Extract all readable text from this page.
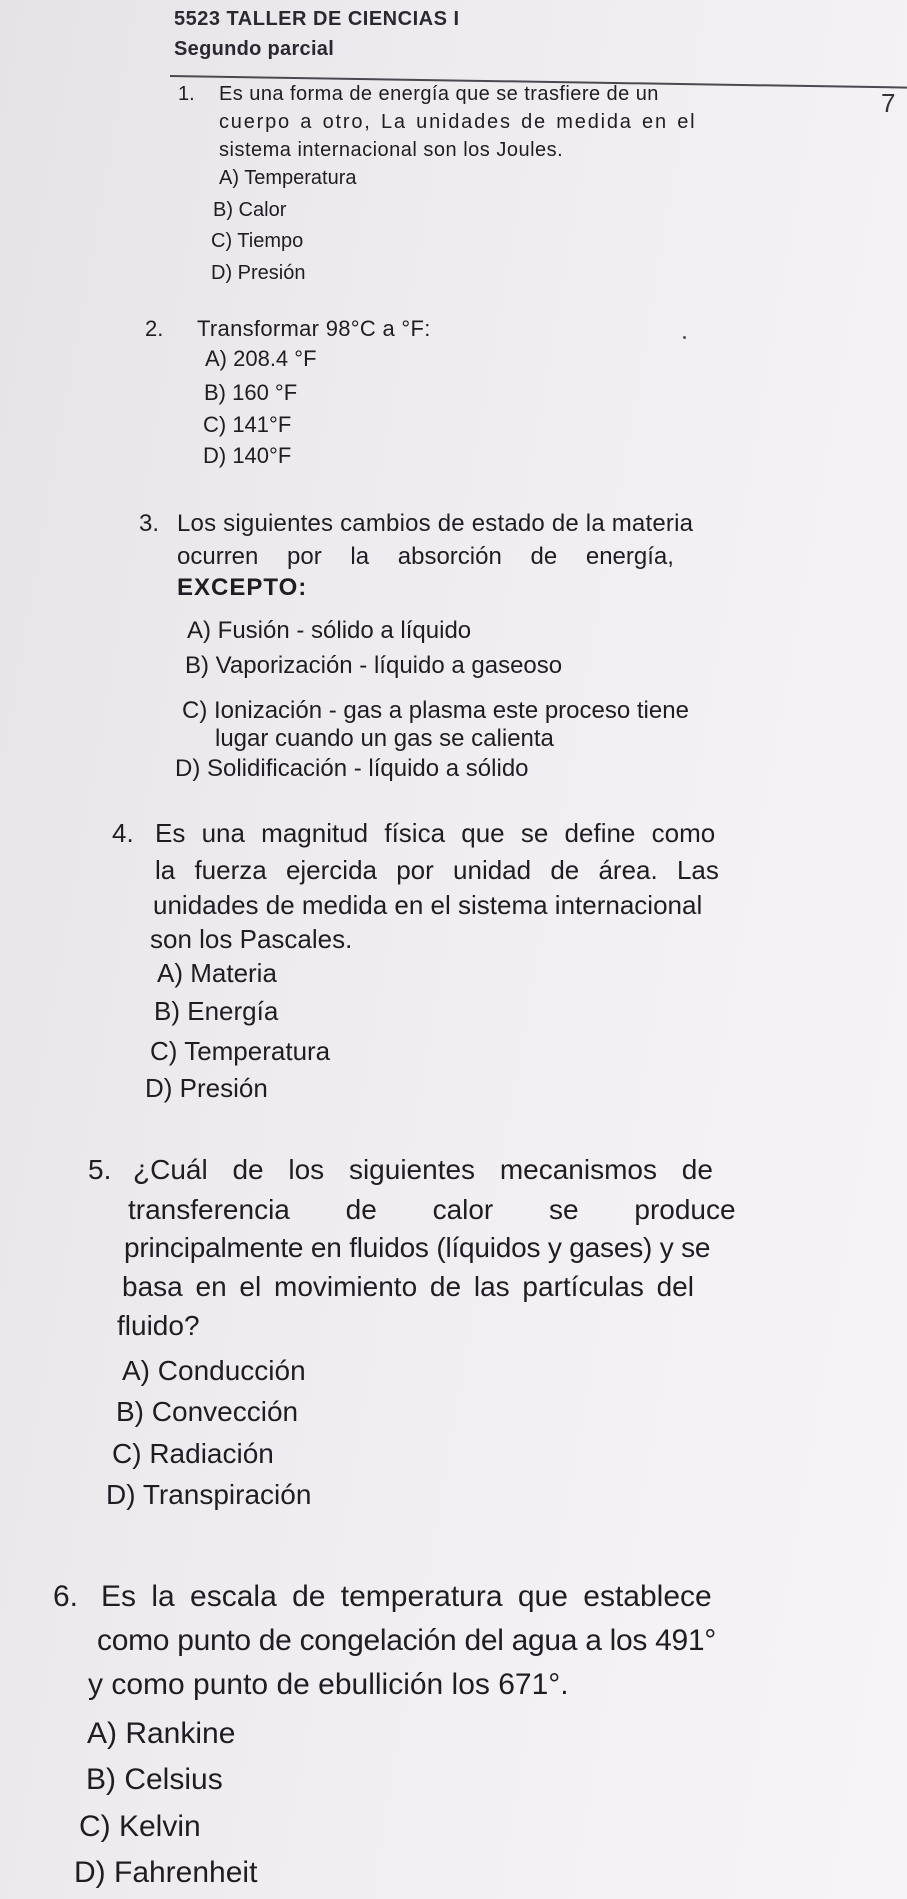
5523 TALLER DE CIENCIAS I
Segundo parcial
7
1. Es una forma de energía que se trasfiere de un
cuerpo a otro, La unidades de medida en el
sistema internacional son los Joules.
A) Temperatura
B) Calor
C) Tiempo
D) Presión
2. Transformar 98°C a °F:
A) 208.4 °F
B) 160 °F
C) 141°F
D) 140°F
3. Los siguientes cambios de estado de la materia
ocurren por la absorción de energía,
EXCEPTO:
A) Fusión - sólido a líquido
B) Vaporización - líquido a gaseoso
C) Ionización - gas a plasma este proceso tiene
lugar cuando un gas se calienta
D) Solidificación - líquido a sólido
4. Es una magnitud física que se define como
la fuerza ejercida por unidad de área. Las
unidades de medida en el sistema internacional
son los Pascales.
A) Materia
B) Energía
C) Temperatura
D) Presión
5. ¿Cuál de los siguientes mecanismos de
transferencia de calor se produce
principalmente en fluidos (líquidos y gases) y se
basa en el movimiento de las partículas del
fluido?
A) Conducción
B) Convección
C) Radiación
D) Transpiración
6. Es la escala de temperatura que establece
como punto de congelación del agua a los 491°
y como punto de ebullición los 671°.
A) Rankine
B) Celsius
C) Kelvin
D) Fahrenheit
